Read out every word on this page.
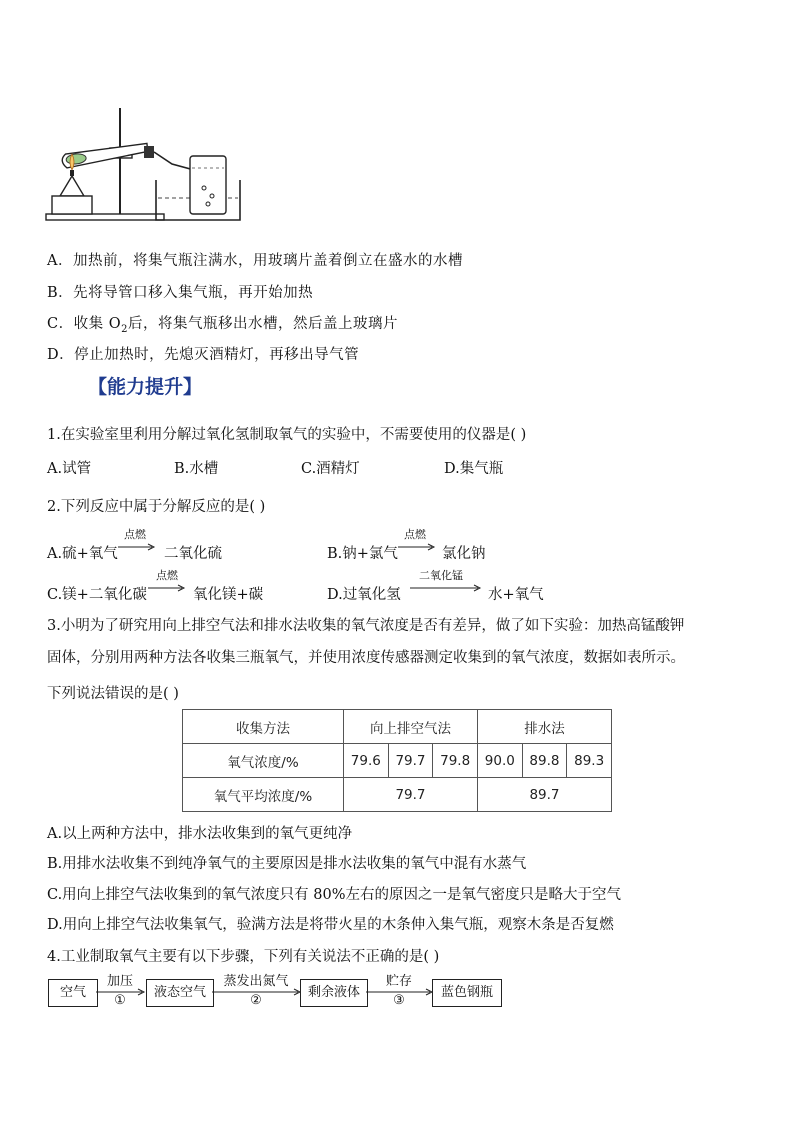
A．加热前，将集气瓶注满水，用玻璃片盖着倒立在盛水的水槽
B．先将导管口移入集气瓶，再开始加热
C．收集 $O_2$后，将集气瓶移出水槽，然后盖上玻璃片
D．停止加热时，先熄灭酒精灯，再移出导气管
【能力提升】
1.在实验室里利用分解过氧化氢制取氧气的实验中，不需要使用的仪器是( )
A.试管	B.水槽	C.酒精灯	D.集气瓶
2.下列反应中属于分解反应的是( )
A.硫+氧气
点燃
二氧化硫	B.钠+氯气
点燃
氯化钠
C.镁+二氧化碳
点燃
氧化镁+碳	D.过氧化氢
二氧化锰
水+氧气
3.小明为了研究用向上排空气法和排水法收集的氧气浓度是否有差异，做了如下实验：加热高锰酸钾
固体，分别用两种方法各收集三瓶氧气，并使用浓度传感器测定收集到的氧气浓度，数据如表所示。
下列说法错误的是( )
收集方法	向上排空气法			排水法		
氧气浓度/%	79.6	79.7	79.8	90.0	89.8	89.3
氧气平均浓度/%	79.7			89.7		
A.以上两种方法中，排水法收集到的氧气更纯净
B.用排水法收集不到纯净氧气的主要原因是排水法收集的氧气中混有水蒸气
C.用向上排空气法收集到的氧气浓度只有 80%左右的原因之一是氧气密度只是略大于空气
D.用向上排空气法收集氧气，验满方法是将带火星的木条伸入集气瓶，观察木条是否复燃
4.工业制取氧气主要有以下步骤，下列有关说法不正确的是( )
空气
加压
①
液态空气
蒸发出氮气
②
剩余液体
贮存
③
蓝色钢瓶
